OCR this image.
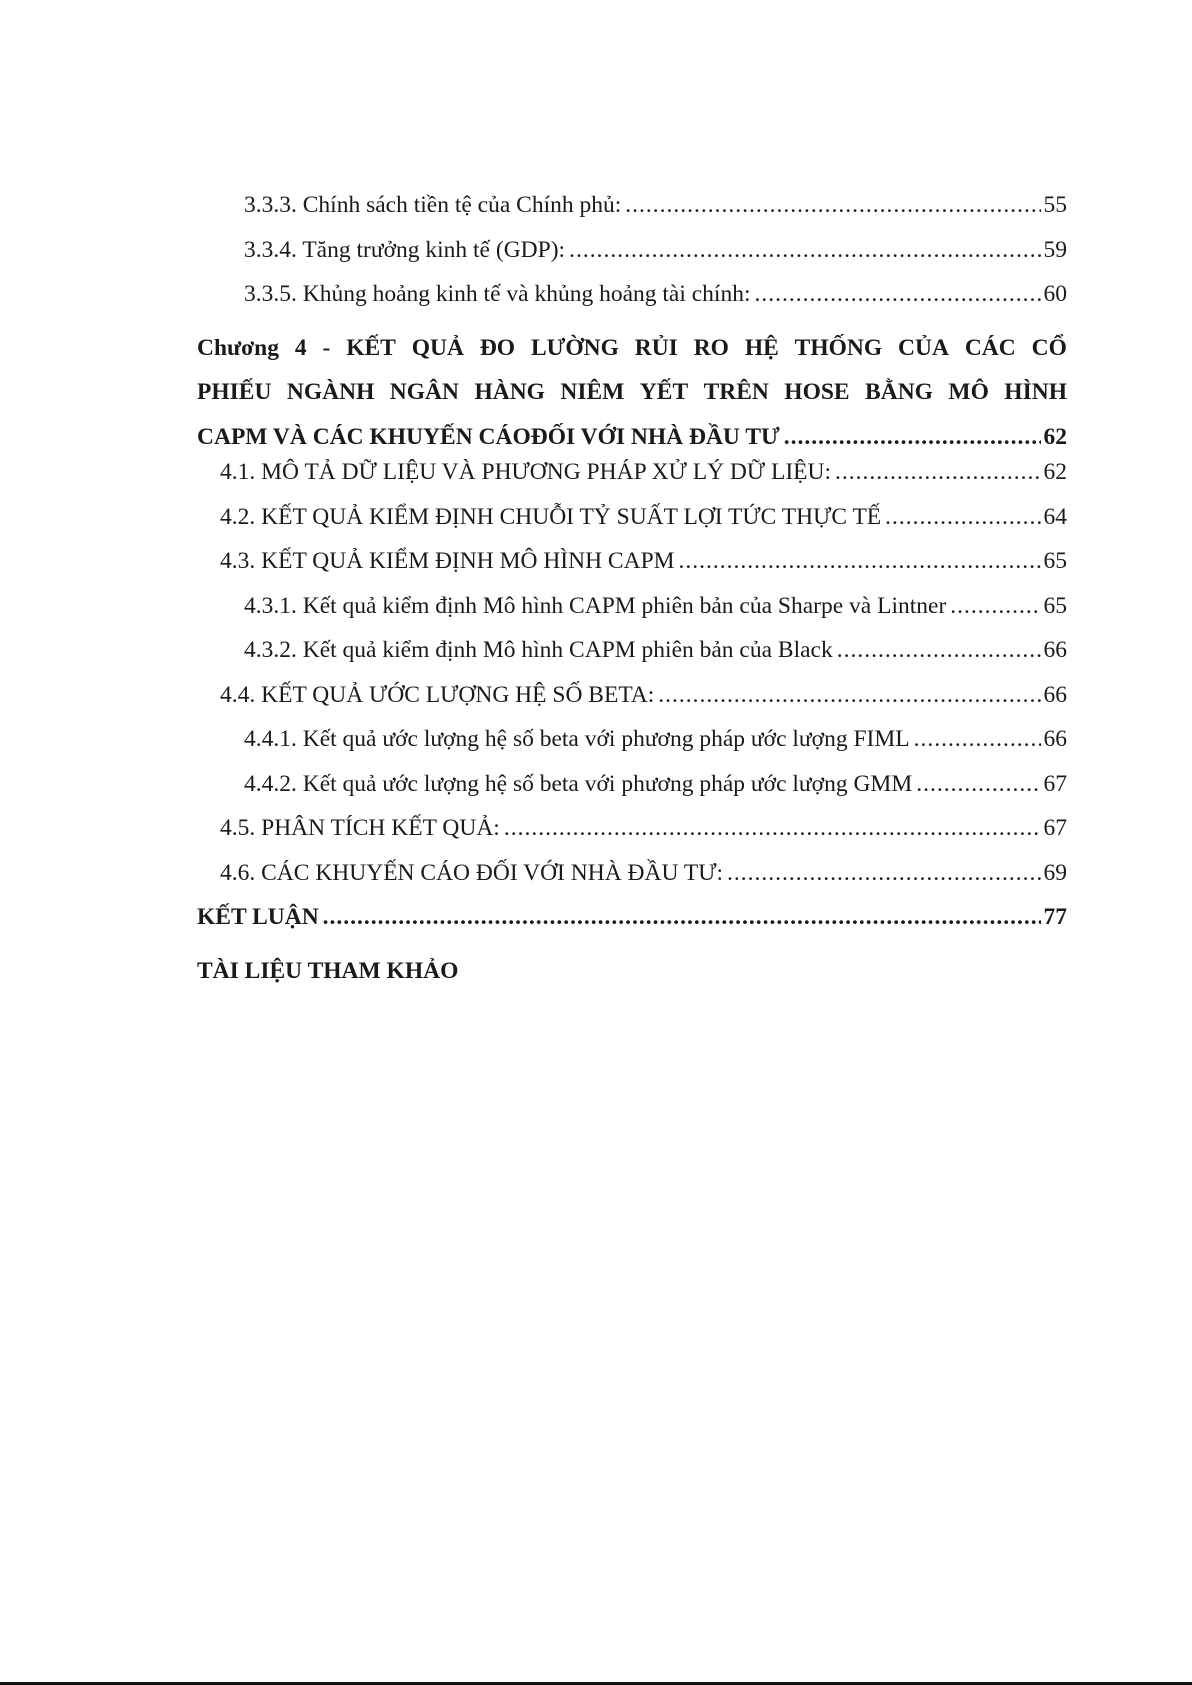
3.3.3. Chính sách tiền tệ của Chính phủ: .....	55
3.3.4. Tăng trưởng kinh tế (GDP): .....	59
3.3.5. Khủng hoảng kinh tế và khủng hoảng tài chính: .....	60
Chương 4 - KẾT QUẢ ĐO LƯỜNG RỦI RO HỆ THỐNG CỦA CÁC CỔ
PHIẾU NGÀNH NGÂN HÀNG NIÊM YẾT TRÊN HOSE BẰNG MÔ HÌNH
CAPM VÀ CÁC KHUYẾN CÁOĐỐI VỚI NHÀ ĐẦU TƯ .....	62
4.1. MÔ TẢ DỮ LIỆU VÀ PHƯƠNG PHÁP XỬ LÝ DỮ LIỆU: .....	62
4.2. KẾT QUẢ KIỂM ĐỊNH CHUỖI TỶ SUẤT LỢI TỨC THỰC TẾ .....	64
4.3. KẾT QUẢ KIỂM ĐỊNH MÔ HÌNH CAPM .....	65
4.3.1. Kết quả kiểm định Mô hình CAPM phiên bản của Sharpe và Lintner .....	65
4.3.2. Kết quả kiểm định Mô hình CAPM phiên bản của Black .....	66
4.4. KẾT QUẢ ƯỚC LƯỢNG HỆ SỐ BETA: .....	66
4.4.1. Kết quả ước lượng hệ số beta với phương pháp ước lượng FIML .....	66
4.4.2. Kết quả ước lượng hệ số beta với phương pháp ước lượng GMM .....	67
4.5. PHÂN TÍCH KẾT QUẢ: .....	67
4.6. CÁC KHUYẾN CÁO ĐỐI VỚI NHÀ ĐẦU TƯ: .....	69
KẾT LUẬN .....	77
TÀI LIỆU THAM KHẢO
